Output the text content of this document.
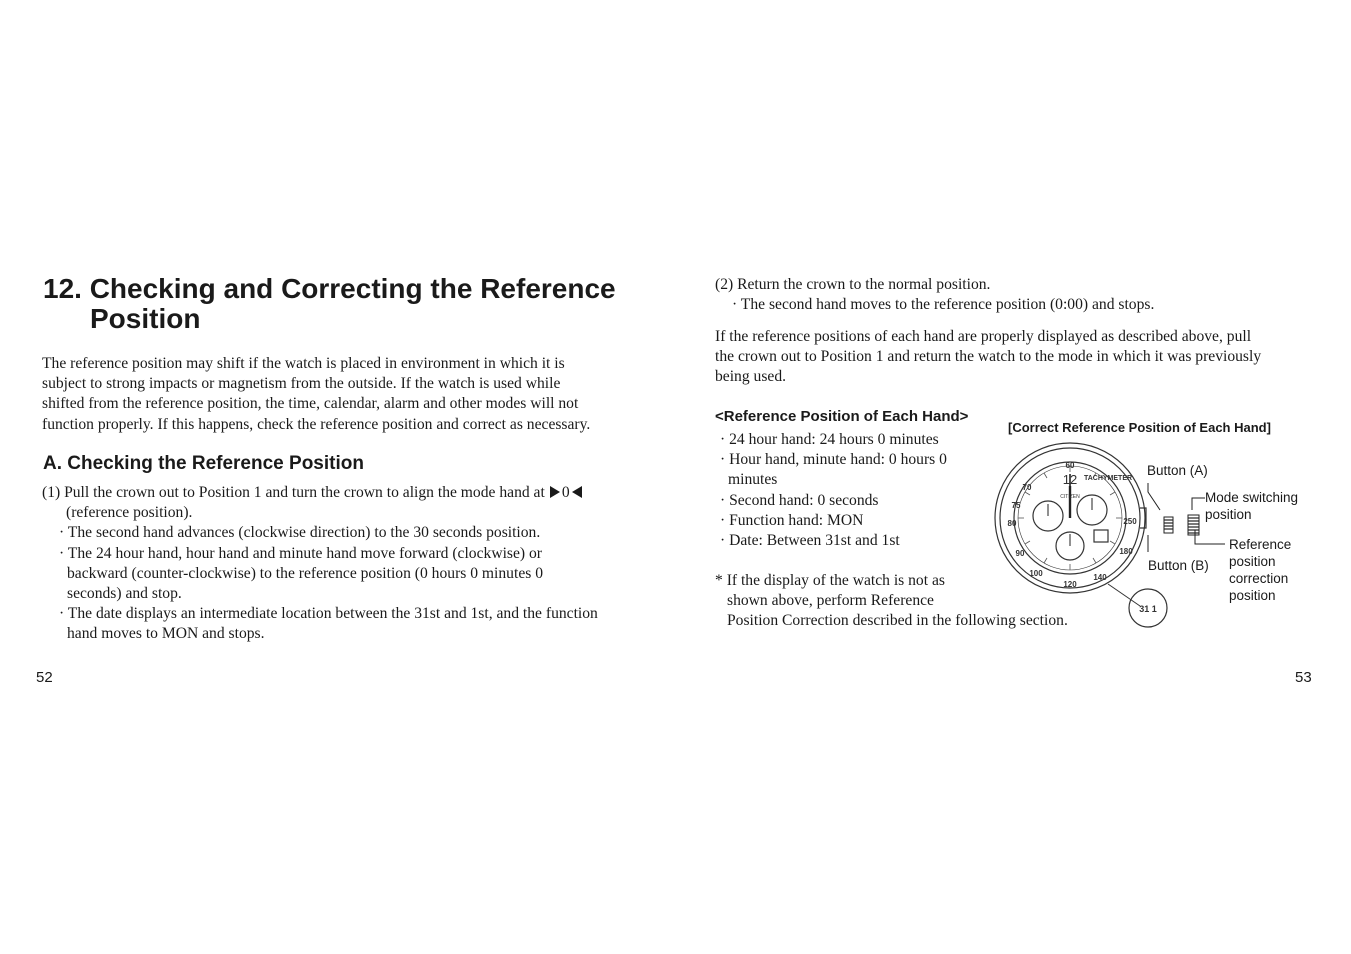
12. Checking and Correcting the Reference
Position
The reference position may shift if the watch is placed in environment in which it is
subject to strong impacts or magnetism from the outside. If the watch is used while
shifted from the reference position, the time, calendar, alarm and other modes will not
function properly. If this happens, check the reference position and correct as necessary.
A. Checking the Reference Position
(1) Pull the crown out to Position 1 and turn the crown to align the mode hand at 0
(reference position).
· The second hand advances (clockwise direction) to the 30 seconds position.
· The 24 hour hand, hour hand and minute hand move forward (clockwise) or
backward (counter-clockwise) to the reference position (0 hours 0 minutes 0
seconds) and stop.
· The date displays an intermediate location between the 31st and 1st, and the function
hand moves to MON and stops.
52
(2) Return the crown to the normal position.
· The second hand moves to the reference position (0:00) and stops.
If the reference positions of each hand are properly displayed as described above, pull
the crown out to Position 1 and return the watch to the mode in which it was previously
being used.
<Reference Position of Each Hand>
· 24 hour hand: 24 hours 0 minutes
· Hour hand, minute hand: 0 hours 0
minutes
· Second hand: 0 seconds
· Function hand: MON
· Date: Between 31st and 1st
* If the display of the watch is not as
shown above, perform Reference
Position Correction described in the following section.
[Correct Reference Position of Each Hand]
60
70
75
80
90
100
120
140
180
250
TACHYMETER
12
CITIZEN
31 1
Button (A)
Mode switching
position
Reference
position
correction
position
Button (B)
53
